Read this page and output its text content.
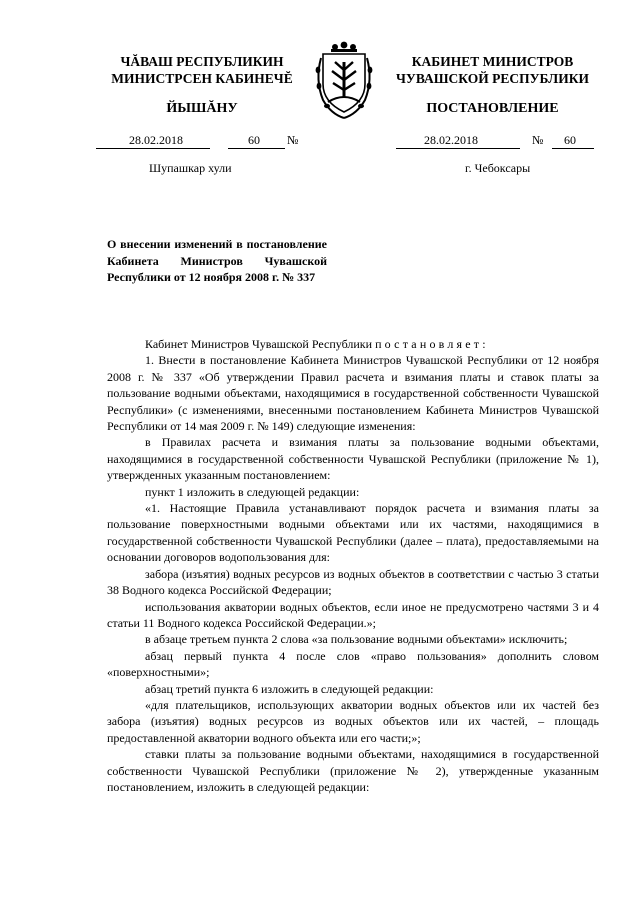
ЧĂВАШ РЕСПУБЛИКИН
МИНИСТРСЕН КАБИНЕЧĔ
ЙЫШĂНУ
КАБИНЕТ МИНИСТРОВ
ЧУВАШСКОЙ РЕСПУБЛИКИ
ПОСТАНОВЛЕНИЕ
28.02.2018	60 №	28.02.2018	№ 60
Шупашкар хули	г. Чебоксары
О внесении изменений в постановление Кабинета Министров Чувашской Республики от 12 ноября 2008 г. № 337

Кабинет Министров Чувашской Республики постановляет:

1. Внести в постановление Кабинета Министров Чувашской Республики от 12 ноября 2008 г. № 337 «Об утверждении Правил расчета и взимания платы и ставок платы за пользование водными объектами, находящимися в государственной собственности Чувашской Республики» (с изменениями, внесенными постановлением Кабинета Министров Чувашской Республики от 14 мая 2009 г. № 149) следующие изменения:

в Правилах расчета и взимания платы за пользование водными объектами, находящимися в государственной собственности Чувашской Республики (приложение № 1), утвержденных указанным постановлением:

пункт 1 изложить в следующей редакции:

«1. Настоящие Правила устанавливают порядок расчета и взимания платы за пользование поверхностными водными объектами или их частями, находящимися в государственной собственности Чувашской Республики (далее – плата), предоставляемыми на основании договоров водопользования для:

забора (изъятия) водных ресурсов из водных объектов в соответствии с частью 3 статьи 38 Водного кодекса Российской Федерации;

использования акватории водных объектов, если иное не предусмотрено частями 3 и 4 статьи 11 Водного кодекса Российской Федерации.»;

в абзаце третьем пункта 2 слова «за пользование водными объектами» исключить;

абзац первый пункта 4 после слов «право пользования» дополнить словом «поверхностными»;

абзац третий пункта 6 изложить в следующей редакции:

«для плательщиков, использующих акватории водных объектов или их частей без забора (изъятия) водных ресурсов из водных объектов или их частей, – площадь предоставленной акватории водного объекта или его части;»;

ставки платы за пользование водными объектами, находящимися в государственной собственности Чувашской Республики (приложение № 2), утвержденные указанным постановлением, изложить в следующей редакции:
